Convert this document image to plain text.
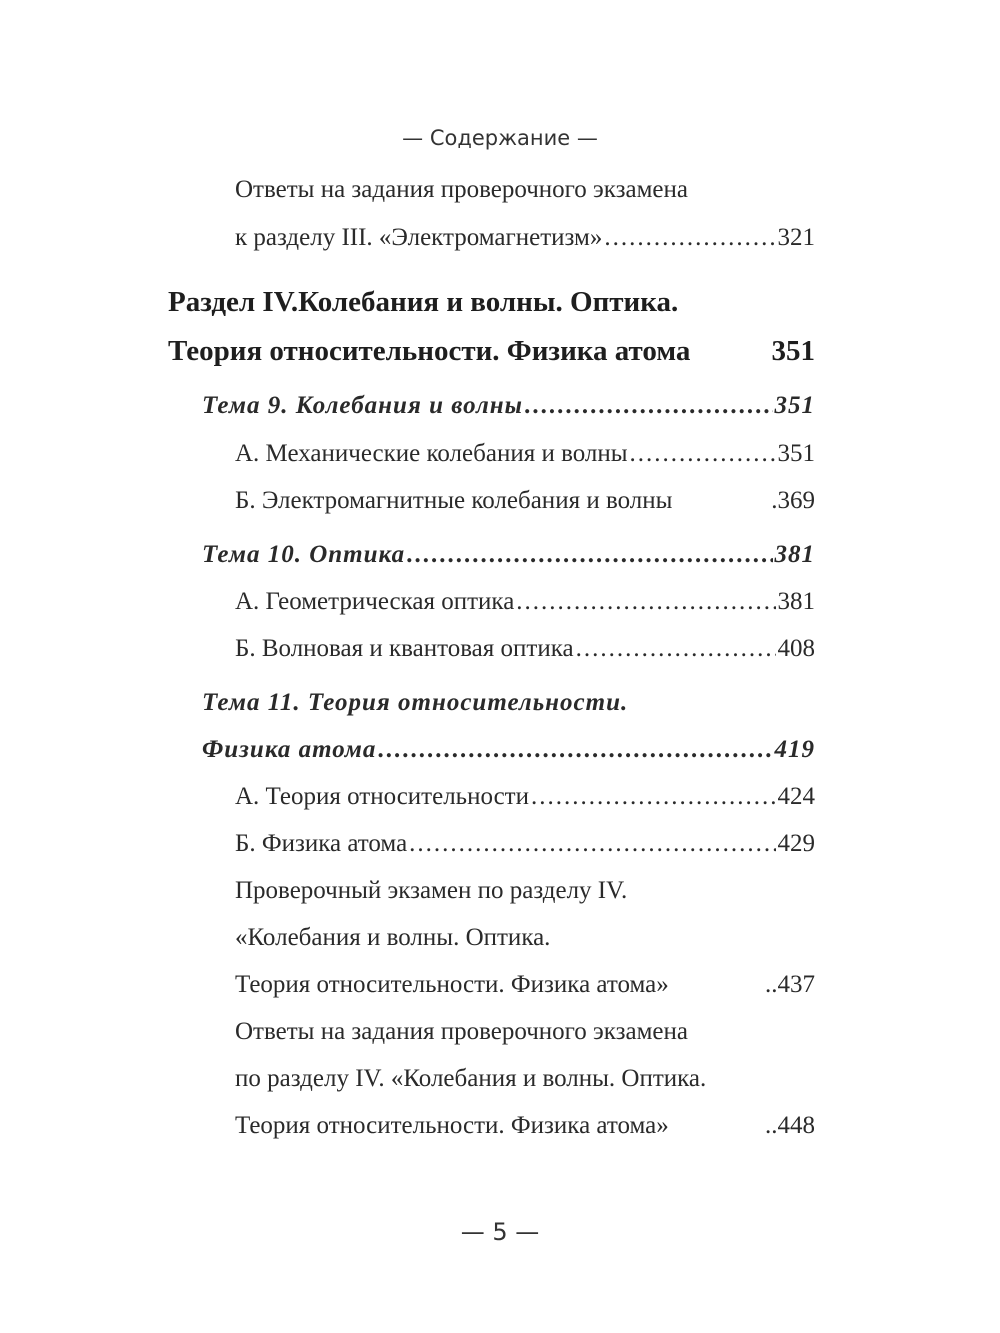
— Содержание —
Ответы на задания проверочного экзамена
к разделу III. «Электромагнетизм» .....	321
Раздел IV.Колебания и волны. Оптика.
Теория относительности. Физика атома	351
Тема 9. Колебания и волны .....	351
А. Механические колебания и волны .....	351
Б. Электромагнитные колебания и волны	.369
Тема 10. Оптика .....	381
А. Геометрическая оптика .....	381
Б. Волновая и квантовая оптика .....	408
Тема 11. Теория относительности.
Физика атома .....	419
А. Теория относительности .....	424
Б. Физика атома .....	429
Проверочный экзамен по разделу IV.
«Колебания и волны. Оптика.
Теория относительности. Физика атома»	..437
Ответы на задания проверочного экзамена
по разделу IV. «Колебания и волны. Оптика.
Теория относительности. Физика атома»	..448
— 5 —
